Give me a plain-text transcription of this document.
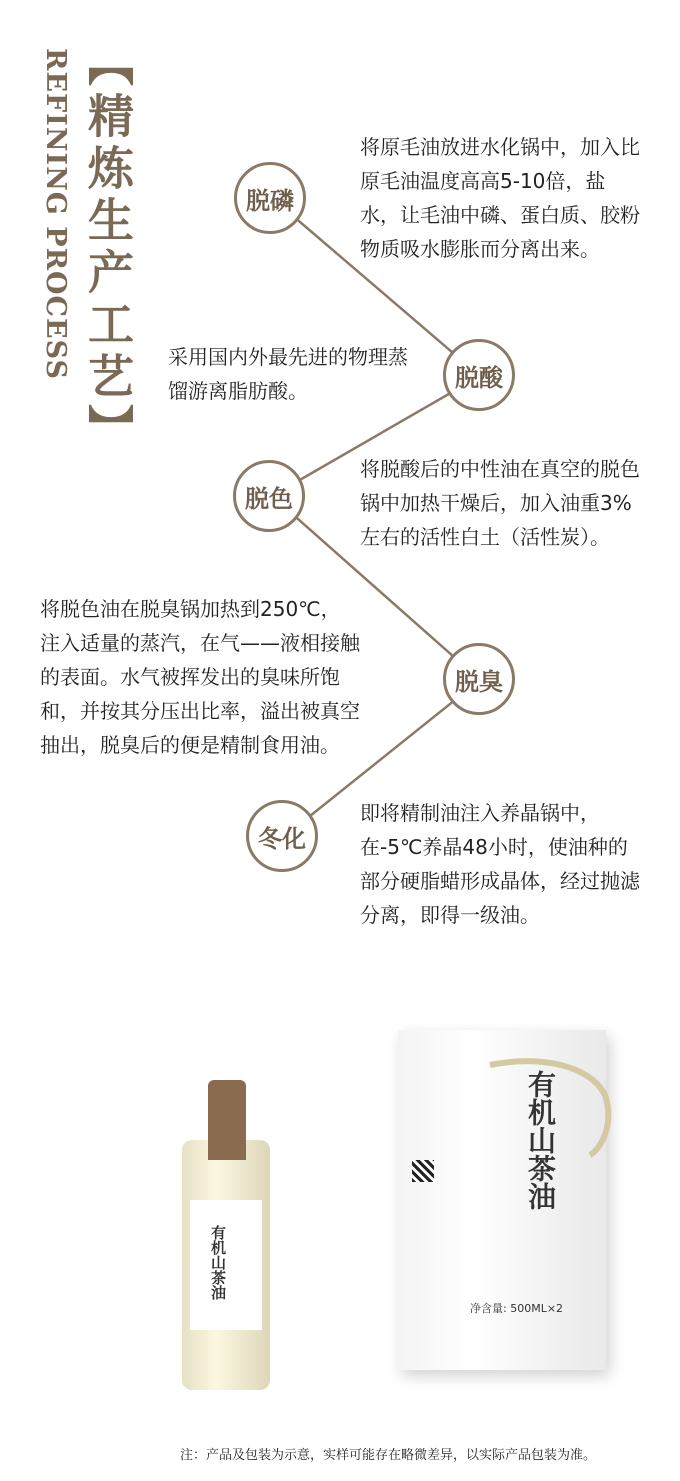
【精炼生产工艺】
REFINING PROCESS	脱磷
脱酸
脱色
脱臭
冬化
将原毛油放进水化锅中，加入比原毛油温度高高5-10倍，盐水，让毛油中磷、蛋白质、胶粉物质吸水膨胀而分离出来。
采用国内外最先进的物理蒸馏游离脂肪酸。
将脱酸后的中性油在真空的脱色锅中加热干燥后，加入油重3%左右的活性白土（活性炭）。
将脱色油在脱臭锅加热到250℃，注入适量的蒸汽，在气——液相接触的表面。水气被挥发出的臭味所饱和，并按其分压出比率，溢出被真空抽出，脱臭后的便是精制食用油。
即将精制油注入养晶锅中，在-5℃养晶48小时，使油种的部分硬脂蜡形成晶体，经过抛滤分离，即得一级油。
有机山茶油
净含量: 500ML×2
有机山茶油
注：产品及包装为示意，实样可能存在略微差异，以实际产品包装为准。
